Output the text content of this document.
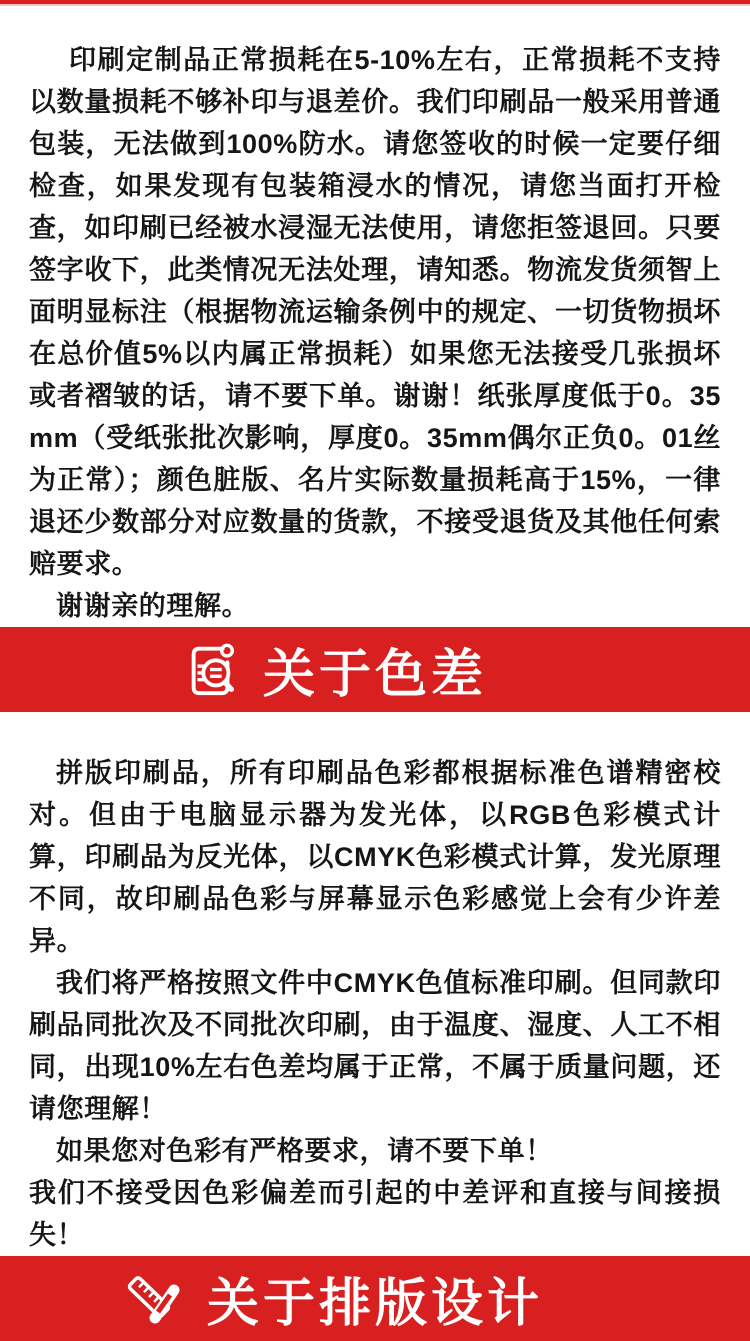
印刷定制品正常损耗在5-10%左右，正常损耗不支持以数量损耗不够补印与退差价。我们印刷品一般采用普通包装，无法做到100%防水。请您签收的时候一定要仔细检查，如果发现有包装箱浸水的情况，请您当面打开检查，如印刷已经被水浸湿无法使用，请您拒签退回。只要签字收下，此类情况无法处理，请知悉。物流发货须智上面明显标注（根据物流运输条例中的规定、一切货物损坏在总价值5%以内属正常损耗）如果您无法接受几张损坏或者褶皱的话，请不要下单。谢谢！纸张厚度低于0。35mm（受纸张批次影响，厚度0。35mm偶尔正负0。01丝为正常）；颜色脏版、名片实际数量损耗高于15%，一律退还少数部分对应数量的货款，不接受退货及其他任何索赔要求。

谢谢亲的理解。

关于色差

拼版印刷品，所有印刷品色彩都根据标准色谱精密校对。但由于电脑显示器为发光体，以RGB色彩模式计算，印刷品为反光体，以CMYK色彩模式计算，发光原理不同，故印刷品色彩与屏幕显示色彩感觉上会有少许差异。

我们将严格按照文件中CMYK色值标准印刷。但同款印刷品同批次及不同批次印刷，由于温度、湿度、人工不相同，出现10%左右色差均属于正常，不属于质量问题，还请您理解！

如果您对色彩有严格要求，请不要下单！

我们不接受因色彩偏差而引起的中差评和直接与间接损失！

关于排版设计
